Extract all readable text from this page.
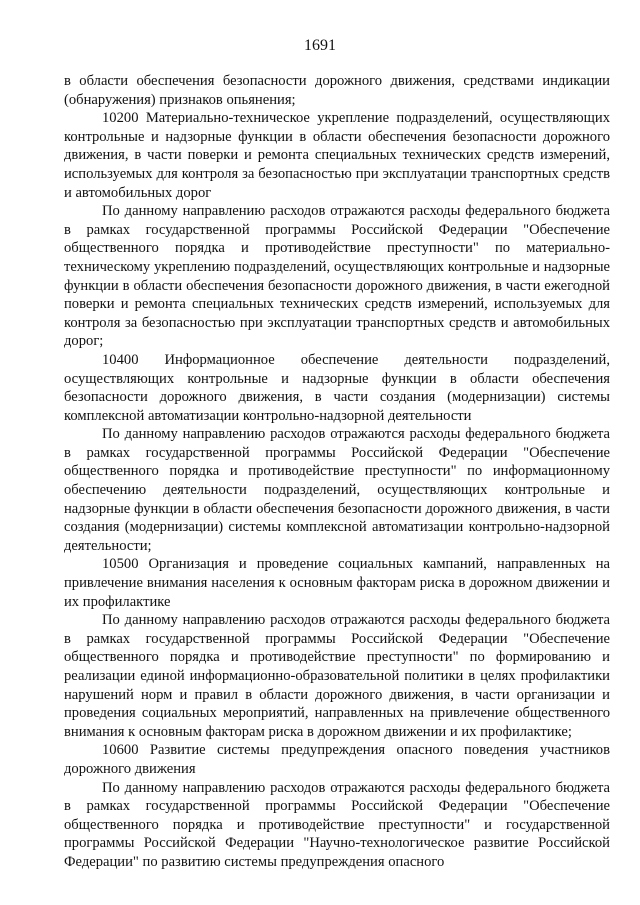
1691

в области обеспечения безопасности дорожного движения, средствами индикации (обнаружения) признаков опьянения;

10200 Материально-техническое укрепление подразделений, осуществляющих контрольные и надзорные функции в области обеспечения безопасности дорожного движения, в части поверки и ремонта специальных технических средств измерений, используемых для контроля за безопасностью при эксплуатации транспортных средств и автомобильных дорог

По данному направлению расходов отражаются расходы федерального бюджета в рамках государственной программы Российской Федерации "Обеспечение общественного порядка и противодействие преступности" по материально-техническому укреплению подразделений, осуществляющих контрольные и надзорные функции в области обеспечения безопасности дорожного движения, в части ежегодной поверки и ремонта специальных технических средств измерений, используемых для контроля за безопасностью при эксплуатации транспортных средств и автомобильных дорог;

10400 Информационное обеспечение деятельности подразделений, осуществляющих контрольные и надзорные функции в области обеспечения безопасности дорожного движения, в части создания (модернизации) системы комплексной автоматизации контрольно-надзорной деятельности

По данному направлению расходов отражаются расходы федерального бюджета в рамках государственной программы Российской Федерации "Обеспечение общественного порядка и противодействие преступности" по информационному обеспечению деятельности подразделений, осуществляющих контрольные и надзорные функции в области обеспечения безопасности дорожного движения, в части создания (модернизации) системы комплексной автоматизации контрольно-надзорной деятельности;

10500 Организация и проведение социальных кампаний, направленных на привлечение внимания населения к основным факторам риска в дорожном движении и их профилактике

По данному направлению расходов отражаются расходы федерального бюджета в рамках государственной программы Российской Федерации "Обеспечение общественного порядка и противодействие преступности" по формированию и реализации единой информационно-образовательной политики в целях профилактики нарушений норм и правил в области дорожного движения, в части организации и проведения социальных мероприятий, направленных на привлечение общественного внимания к основным факторам риска в дорожном движении и их профилактике;

10600 Развитие системы предупреждения опасного поведения участников дорожного движения

По данному направлению расходов отражаются расходы федерального бюджета в рамках государственной программы Российской Федерации "Обеспечение общественного порядка и противодействие преступности" и государственной программы Российской Федерации "Научно-технологическое развитие Российской Федерации" по развитию системы предупреждения опасного
